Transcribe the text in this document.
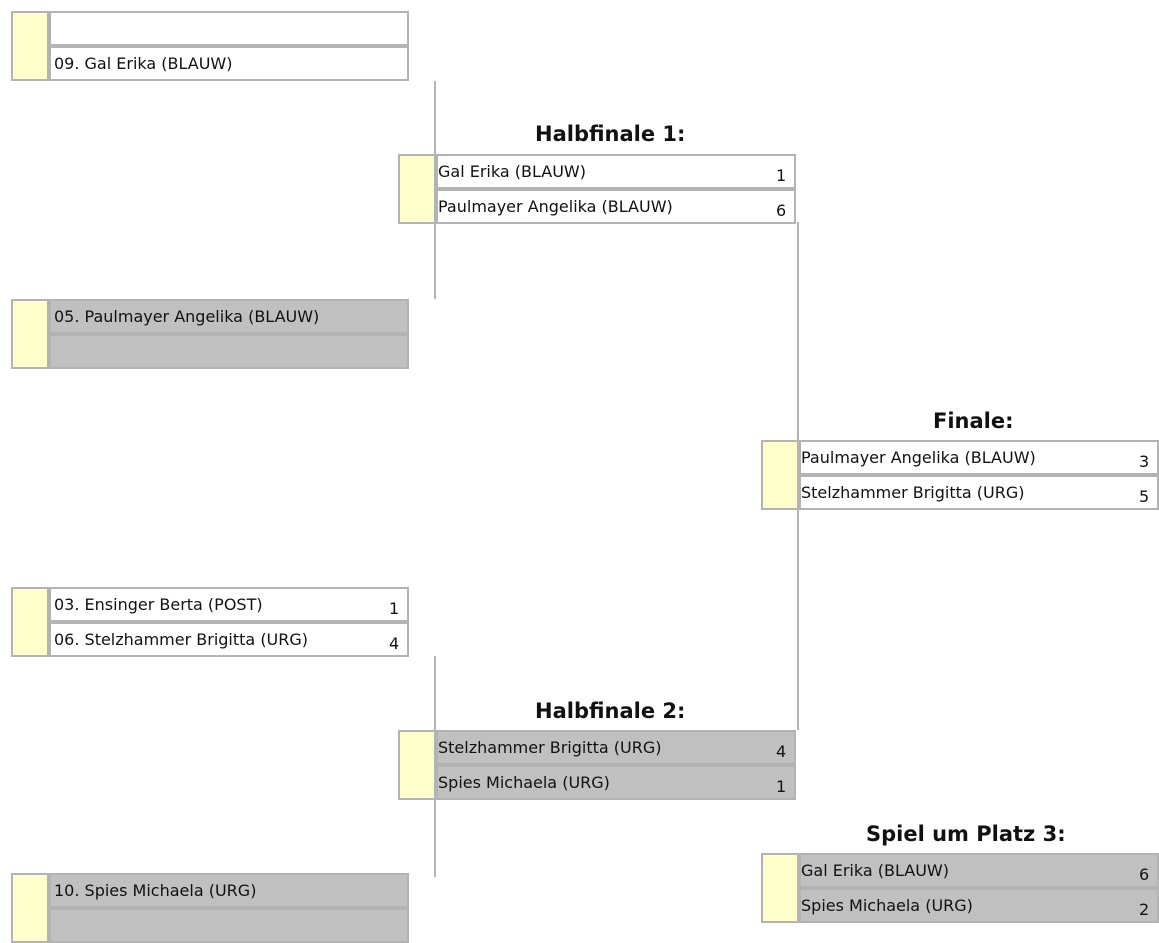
09. Gal Erika (BLAUW)
05. Paulmayer Angelika (BLAUW)
03. Ensinger Berta (POST)	1
06. Stelzhammer Brigitta (URG)	4
10. Spies Michaela (URG)
Halbfinale 1:
Gal Erika (BLAUW)	1
Paulmayer Angelika (BLAUW)	6
Halbfinale 2:
Stelzhammer Brigitta (URG)	4
Spies Michaela (URG)	1
Finale:
Paulmayer Angelika (BLAUW)	3
Stelzhammer Brigitta (URG)	5
Spiel um Platz 3:
Gal Erika (BLAUW)	6
Spies Michaela (URG)	2
